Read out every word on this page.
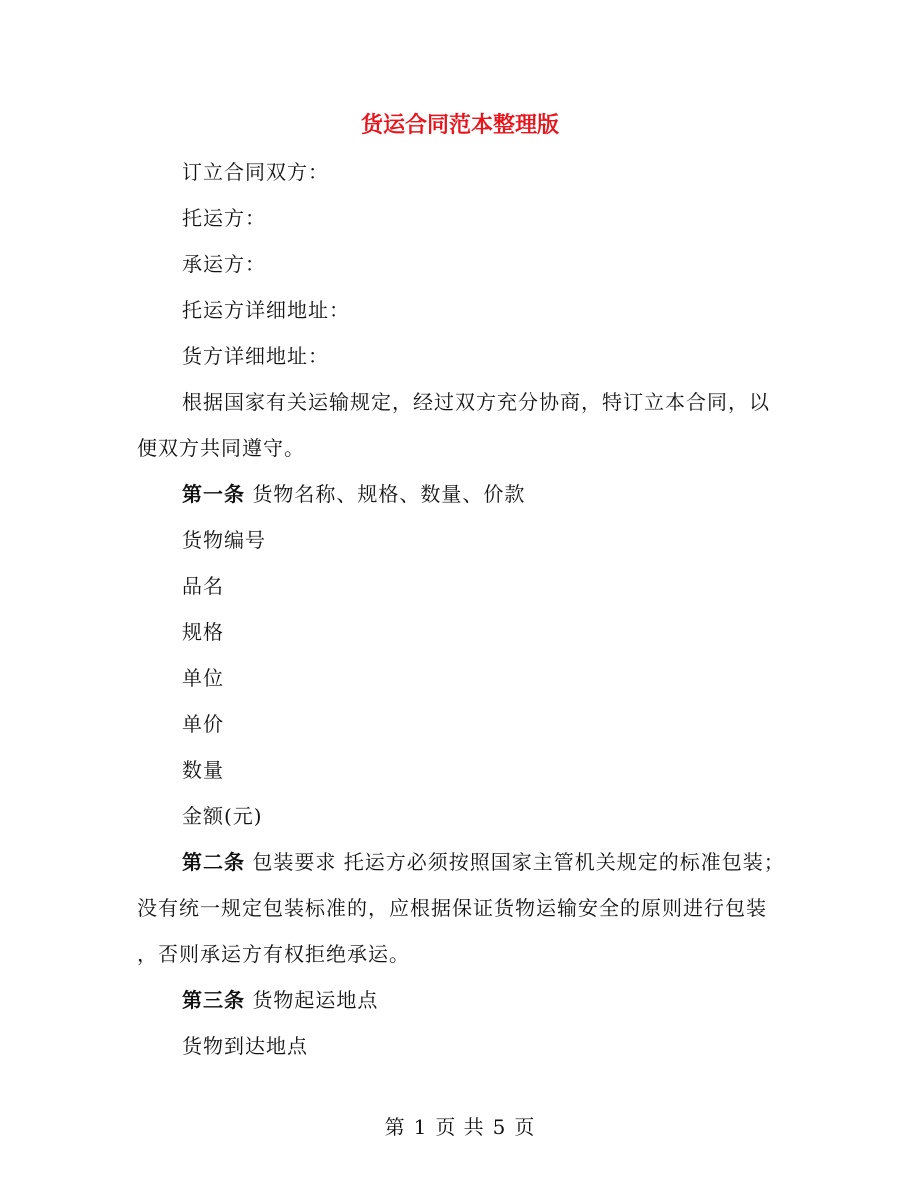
货运合同范本整理版
订立合同双方：
托运方：
承运方：
托运方详细地址：
货方详细地址：
根据国家有关运输规定，经过双方充分协商，特订立本合同，以
便双方共同遵守。
第一条 货物名称、规格、数量、价款
货物编号
品名
规格
单位
单价
数量
金额(元)
第二条 包装要求 托运方必须按照国家主管机关规定的标准包装；
没有统一规定包装标准的，应根据保证货物运输安全的原则进行包装
，否则承运方有权拒绝承运。
第三条 货物起运地点
货物到达地点
第 1 页 共 5 页
